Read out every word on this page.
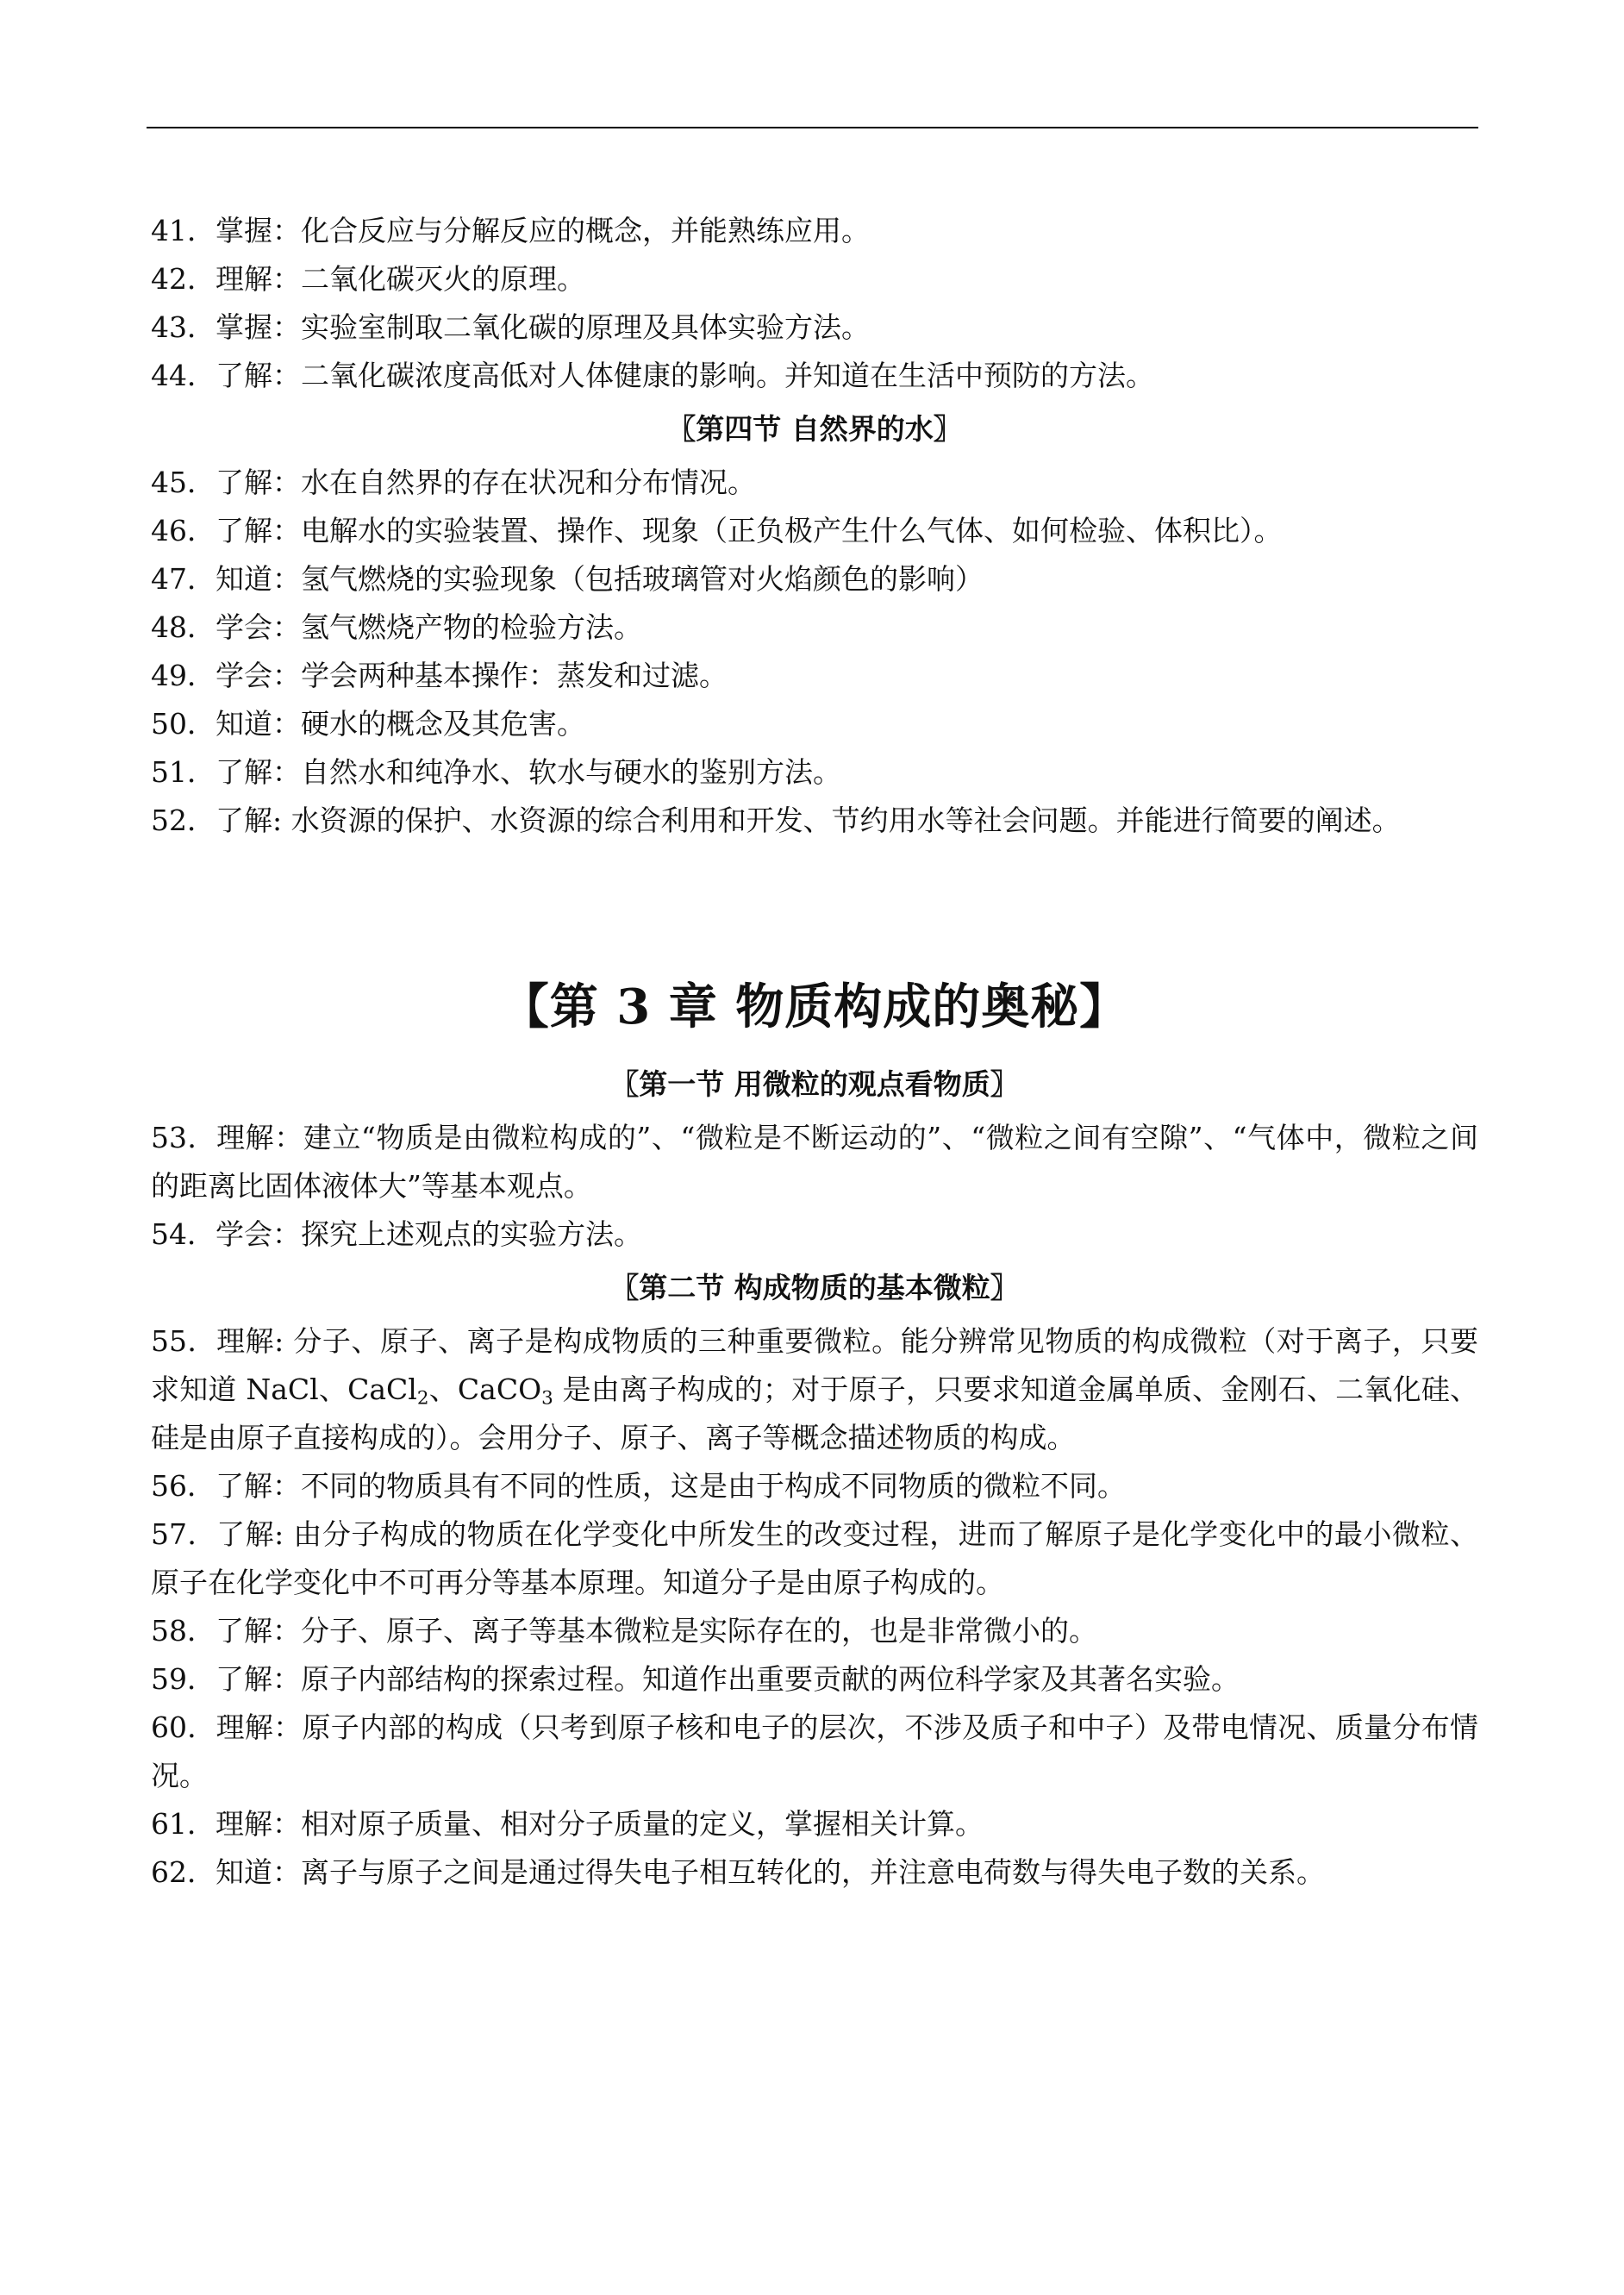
41．掌握：化合反应与分解反应的概念，并能熟练应用。

42．理解：二氧化碳灭火的原理。

43．掌握：实验室制取二氧化碳的原理及具体实验方法。

44．了解：二氧化碳浓度高低对人体健康的影响。并知道在生活中预防的方法。

〖第四节 自然界的水〗

45．了解：水在自然界的存在状况和分布情况。

46．了解：电解水的实验装置、操作、现象（正负极产生什么气体、如何检验、体积比）。

47．知道：氢气燃烧的实验现象（包括玻璃管对火焰颜色的影响）

48．学会：氢气燃烧产物的检验方法。

49．学会：学会两种基本操作：蒸发和过滤。

50．知道：硬水的概念及其危害。

51．了解：自然水和纯净水、软水与硬水的鉴别方法。

52．了解: 水资源的保护、水资源的综合利用和开发、节约用水等社会问题。并能进行简要的阐述。

【第 3 章 物质构成的奥秘】
〖第一节 用微粒的观点看物质〗

53．理解：建立“物质是由微粒构成的”、“微粒是不断运动的”、“微粒之间有空隙”、“气体中，微粒之间的距离比固体液体大”等基本观点。

54．学会：探究上述观点的实验方法。

〖第二节 构成物质的基本微粒〗

55．理解: 分子、原子、离子是构成物质的三种重要微粒。能分辨常见物质的构成微粒（对于离子，只要求知道 NaCl、CaCl$_2$、CaCO$_3$ 是由离子构成的；对于原子，只要求知道金属单质、金刚石、二氧化硅、硅是由原子直接构成的）。会用分子、原子、离子等概念描述物质的构成。

56．了解：不同的物质具有不同的性质，这是由于构成不同物质的微粒不同。

57．了解: 由分子构成的物质在化学变化中所发生的改变过程，进而了解原子是化学变化中的最小微粒、原子在化学变化中不可再分等基本原理。知道分子是由原子构成的。

58．了解：分子、原子、离子等基本微粒是实际存在的，也是非常微小的。

59．了解：原子内部结构的探索过程。知道作出重要贡献的两位科学家及其著名实验。

60．理解：原子内部的构成（只考到原子核和电子的层次，不涉及质子和中子）及带电情况、质量分布情况。

61．理解：相对原子质量、相对分子质量的定义，掌握相关计算。

62．知道：离子与原子之间是通过得失电子相互转化的，并注意电荷数与得失电子数的关系。
